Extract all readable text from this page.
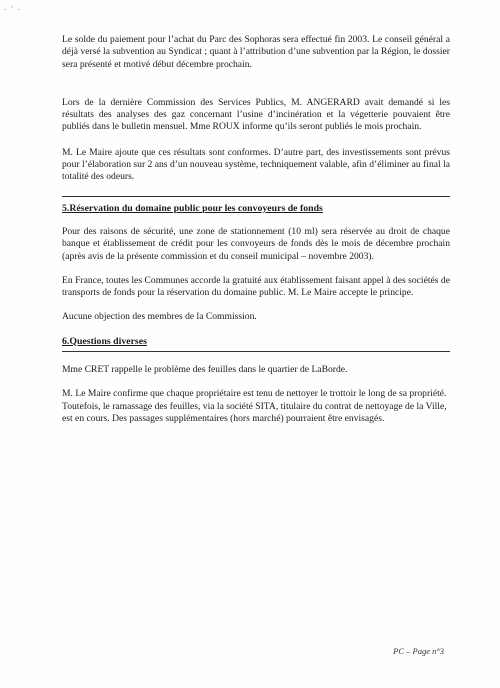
. · .

Le solde du paiement pour l’achat du Parc des Sophoras sera effectué fin 2003. Le conseil général a déjà versé la subvention au Syndicat ; quant à l’attribution d’une subvention par la Région, le dossier sera présenté et motivé début décembre prochain.

Lors de la dernière Commission des Services Publics, M. ANGERARD avait demandé si les résultats des analyses des gaz concernant l’usine d’incinération et la végetterie pouvaient être publiés dans le bulletin mensuel. Mme ROUX informe qu’ils seront publiés le mois prochain.

M. Le Maire ajoute que ces résultats sont conformes. D’autre part, des investissements sont prévus pour l’élaboration sur 2 ans d’un nouveau système, techniquement valable, afin d’éliminer au final la totalité des odeurs.

5.Réservation du domaine public pour les convoyeurs de fonds

Pour des raisons de sécurité, une zone de stationnement (10 ml) sera réservée au droit de chaque banque et établissement de crédit pour les convoyeurs de fonds dès le mois de décembre prochain (après avis de la présente commission et du conseil municipal – novembre 2003).

En France, toutes les Communes accorde la gratuité aux établissement faisant appel à des sociétés de transports de fonds pour la réservation du domaine public. M. Le Maire accepte le principe.

Aucune objection des membres de la Commission.

6.Questions diverses

Mme CRET rappelle le problème des feuilles dans le quartier de LaBorde.

M. Le Maire confirme que chaque propriétaire est tenu de nettoyer le trottoir le long de sa propriété. Toutefois, le ramassage des feuilles, via la société SITA, titulaire du contrat de nettoyage de la Ville, est en cours. Des passages supplémentaires (hors marché) pourraient être envisagés.

PC – Page n°3
